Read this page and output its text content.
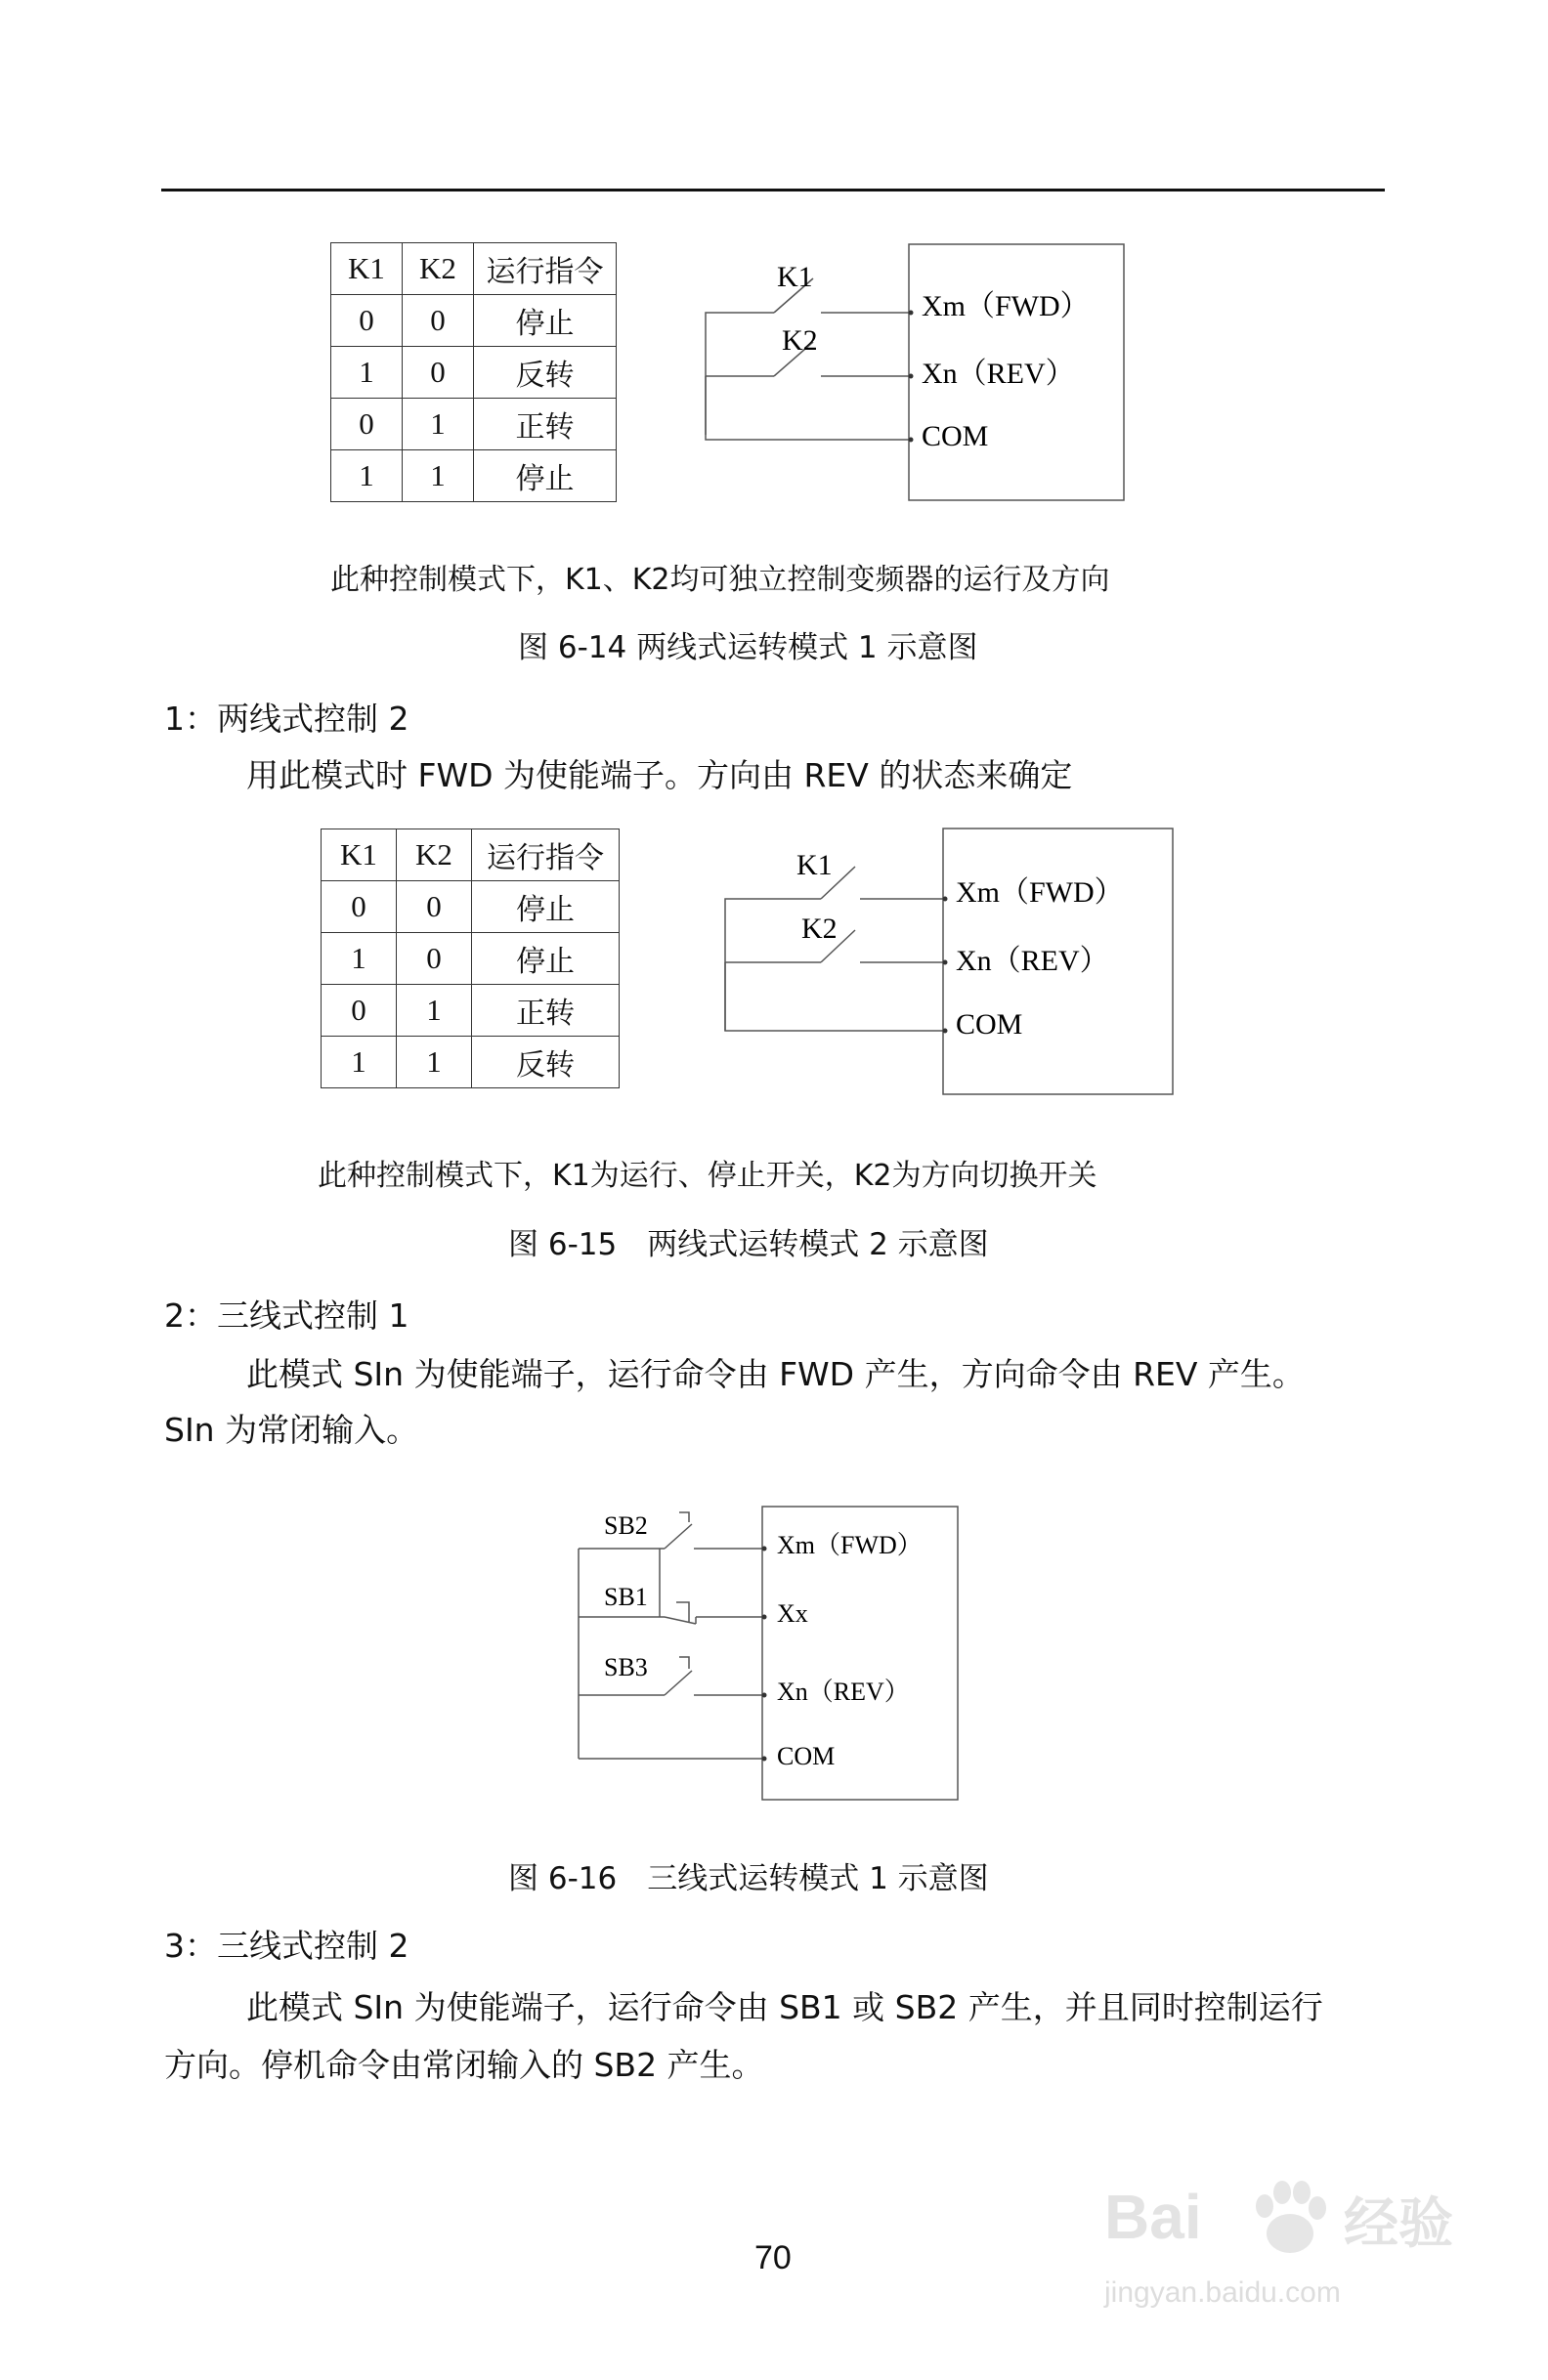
K1	K2	运行指令
0	0	停止
1	0	反转
0	1	正转
1	1	停止
K1
K2
Xm（FWD）
Xn（REV）
COM
此种控制模式下，K1、K2均可独立控制变频器的运行及方向
图 6-14 两线式运转模式 1 示意图
1：两线式控制 2
用此模式时 FWD 为使能端子。方向由 REV 的状态来确定
K1	K2	运行指令
0	0	停止
1	0	停止
0	1	正转
1	1	反转
K1
K2
Xm（FWD）
Xn（REV）
COM
此种控制模式下，K1为运行、停止开关，K2为方向切换开关
图 6-15　两线式运转模式 2 示意图
2：三线式控制 1
此模式 SIn 为使能端子，运行命令由 FWD 产生，方向命令由 REV 产生。
SIn 为常闭输入。
SB2
SB1
SB3
Xm（FWD）
Xx
Xn（REV）
COM
图 6-16　三线式运转模式 1 示意图
3：三线式控制 2
此模式 SIn 为使能端子，运行命令由 SB1 或 SB2 产生，并且同时控制运行
方向。停机命令由常闭输入的 SB2 产生。
70
Bai	经验
jingyan.baidu.com
